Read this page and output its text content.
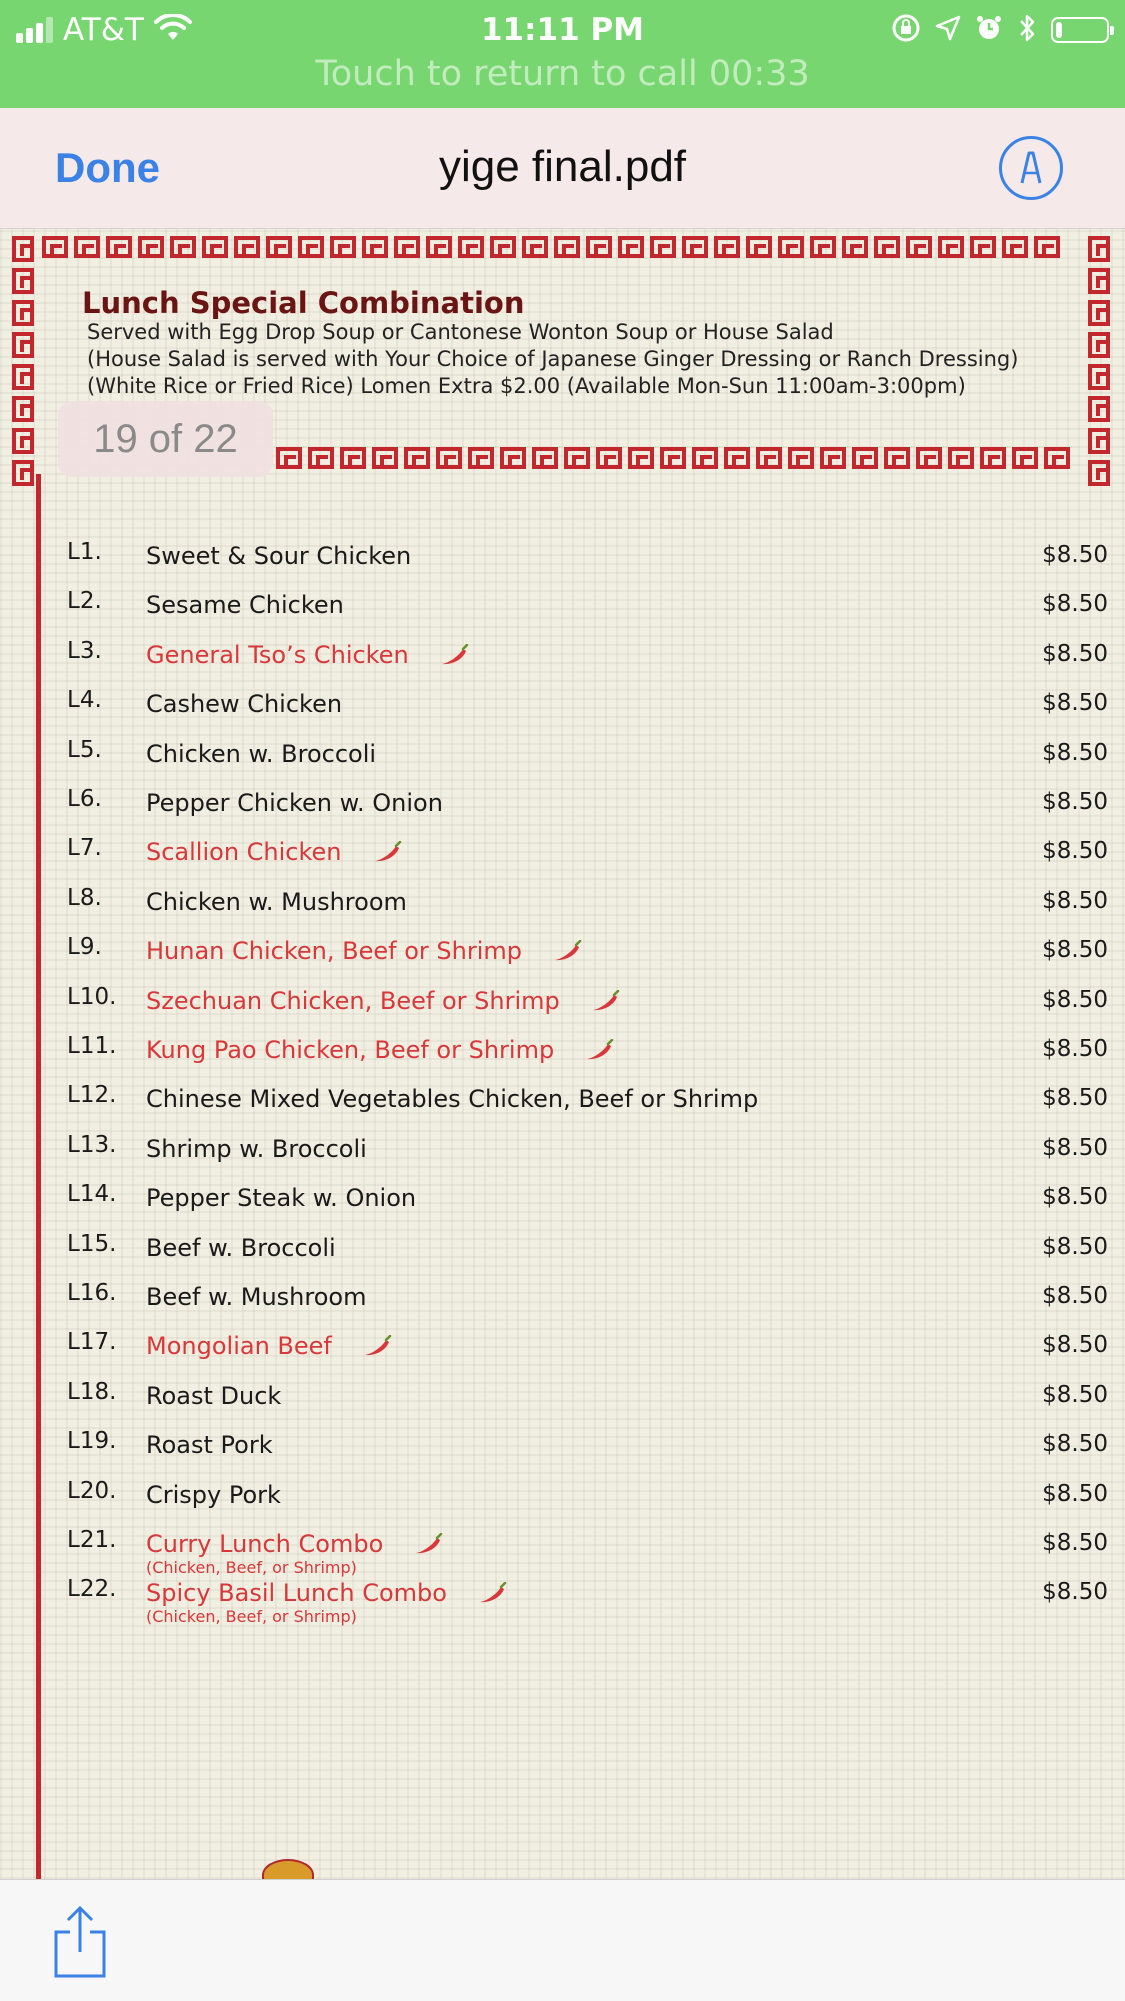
AT&T	11:11 PM
Touch to return to call 00:33
Done	yige final.pdf
Lunch Special Combination
Served with Egg Drop Soup or Cantonese Wonton Soup or House Salad
(House Salad is served with Your Choice of Japanese Ginger Dressing or Ranch Dressing)
(White Rice or Fried Rice) Lomen Extra $2.00 (Available Mon-Sun 11:00am-3:00pm)
19 of 22
L1. Sweet & Sour Chicken	$8.50
L2. Sesame Chicken	$8.50
L3. General Tso’s Chicken	$8.50
L4. Cashew Chicken	$8.50
L5. Chicken w. Broccoli	$8.50
L6. Pepper Chicken w. Onion	$8.50
L7. Scallion Chicken	$8.50
L8. Chicken w. Mushroom	$8.50
L9. Hunan Chicken, Beef or Shrimp	$8.50
L10. Szechuan Chicken, Beef or Shrimp	$8.50
L11. Kung Pao Chicken, Beef or Shrimp	$8.50
L12. Chinese Mixed Vegetables Chicken, Beef or Shrimp	$8.50
L13. Shrimp w. Broccoli	$8.50
L14. Pepper Steak w. Onion	$8.50
L15. Beef w. Broccoli	$8.50
L16. Beef w. Mushroom	$8.50
L17. Mongolian Beef	$8.50
L18. Roast Duck	$8.50
L19. Roast Pork	$8.50
L20. Crispy Pork	$8.50
L21. Curry Lunch Combo
(Chicken, Beef, or Shrimp)
$8.50
L22. Spicy Basil Lunch Combo
(Chicken, Beef, or Shrimp)
$8.50
